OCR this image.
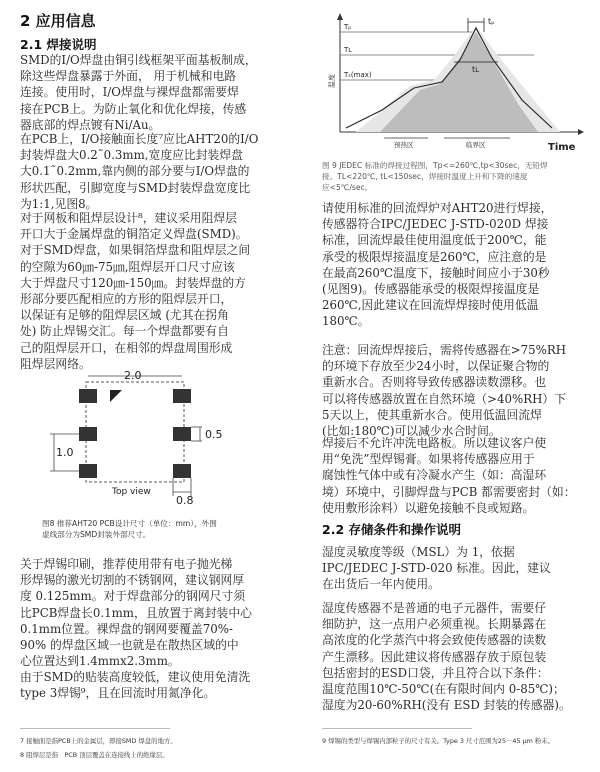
2 应用信息
2.1 焊接说明
SMD的I/O焊盘由铜引线框架平面基板制成，
除这些焊盘暴露于外面， 用于机械和电路
连接。使用时，I/O焊盘与裸焊盘都需要焊
接在PCB上。为防止氧化和优化焊接，传感
器底部的焊点镀有Ni/Au。
在PCB上，I/O接触面长度⁷应比AHT20的I/O
封装焊盘大0.2˜0.3mm,宽度应比封装焊盘
大0.1˜0.2mm,靠内侧的部分要与I/O焊盘的
形状匹配，引脚宽度与SMD封装焊盘宽度比
为1:1,见图8。
对于网板和阻焊层设计⁸，建议采用阻焊层
开口大于金属焊盘的铜箔定义焊盘(SMD)。
对于SMD焊盘，如果铜箔焊盘和阻焊层之间
的空隙为60㎛-75㎛,阻焊层开口尺寸应该
大于焊盘尺寸120㎛-150㎛。封装焊盘的方
形部分要匹配相应的方形的阻焊层开口，
以保证有足够的阻焊层区域 (尤其在拐角
处) 防止焊锡交汇。每一个焊盘都要有自
己的阻焊层开口，在相邻的焊盘周围形成
阻焊层网络。
2.0
0.5
1.0
0.8
Top view
图8 推荐AHT20 PCB设计尺寸（单位：mm），外围
虚线部分为SMD封装外部尺寸。
关于焊锡印刷，推荐使用带有电子抛光梯
形焊锡的激光切割的不锈钢网，建议钢网厚
度 0.125mm。对于焊盘部分的钢网尺寸须
比PCB焊盘长0.1mm，且放置于离封装中心
0.1mm位置。裸焊盘的钢网要覆盖70%-
90% 的焊盘区域一也就是在散热区域的中
心位置达到1.4mmx2.3mm。
由于SMD的贴装高度较低，建议使用免清洗
type 3焊锡⁹，且在回流时用氮净化。
tₚ
tʟ
Tₚ
Tʟ
Tₛ(max)
温度
Time
预热区	临界区
图 9 JEDEC 标准的焊接过程图，Tp<=260℃,tp<30sec，无铅焊
接。TL<220℃, tL<150sec，焊接时温度上升和下降的速度
应<5℃/sec。
请使用标准的回流焊炉对AHT20进行焊接，
传感器符合IPC/JEDEC J-STD-020D 焊接
标准，回流焊最佳使用温度低于200℃，能
承受的极限焊接温度是260℃，应注意的是
在最高260℃温度下，接触时间应小于30秒
(见图9)。传感器能承受的极限焊接温度是
260℃,因此建议在回流焊焊接时使用低温
180℃。
注意：回流焊焊接后，需将传感器在>75%RH
的环境下存放至少24小时，以保证聚合物的
重新水合。否则将导致传感器读数漂移。也
可以将传感器放置在自然环境（>40%RH）下
5天以上，使其重新水合。使用低温回流焊
(比如:180℃)可以减少水合时间。
焊接后不允许冲洗电路板。所以建议客户使
用“免洗”型焊锡膏。如果将传感器应用于
腐蚀性气体中或有冷凝水产生（如：高湿环
境）环境中，引脚焊盘与PCB 都需要密封（如：
使用敷形涂料）以避免接触不良或短路。
2.2 存储条件和操作说明
湿度灵敏度等级（MSL）为 1，依据
IPC/JEDEC J-STD-020 标准。因此，建议
在出货后一年内使用。
湿度传感器不是普通的电子元器件，需要仔
细防护，这一点用户必须重视。长期暴露在
高浓度的化学蒸汽中将会致使传感器的读数
产生漂移。因此建议将传感器存放于原包装
包括密封的ESD口袋，并且符合以下条件：
温度范围10℃-50℃(在有限时间内 0-85℃)；
湿度为20-60%RH(没有 ESD 封装的传感器)。
7 接触面是指PCB上的金属层，即接SMD 焊盘的地方。
8 阻焊层是指　PCB 顶层覆盖在连接线上的绝缘层。
9 焊锡的类型与焊锡内部粒子的尺寸有关。Type 3 尺寸范围为25－45 μm 粉末。
